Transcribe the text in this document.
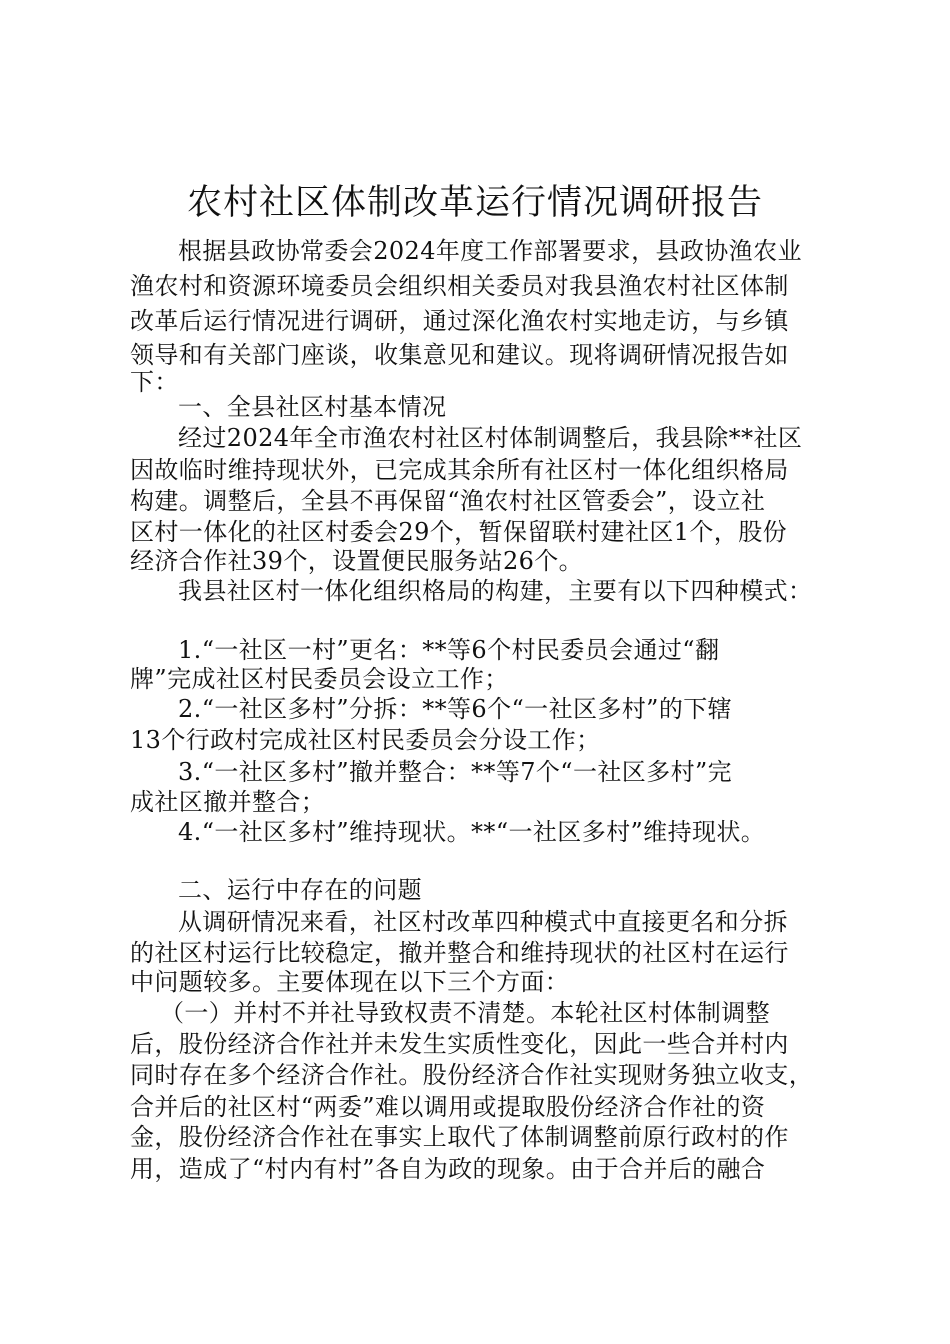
农村社区体制改革运行情况调研报告
根据县政协常委会2024年度工作部署要求，县政协渔农业
渔农村和资源环境委员会组织相关委员对我县渔农村社区体制
改革后运行情况进行调研，通过深化渔农村实地走访，与乡镇
领导和有关部门座谈，收集意见和建议。现将调研情况报告如
下：
一、全县社区村基本情况
经过2024年全市渔农村社区村体制调整后，我县除**社区
因故临时维持现状外，已完成其余所有社区村一体化组织格局
构建。调整后，全县不再保留“渔农村社区管委会”，设立社
区村一体化的社区村委会29个，暂保留联村建社区1个，股份
经济合作社39个，设置便民服务站26个。
我县社区村一体化组织格局的构建，主要有以下四种模式：
1.“一社区一村”更名：**等6个村民委员会通过“翻
牌”完成社区村民委员会设立工作；
2.“一社区多村”分拆：**等6个“一社区多村”的下辖
13个行政村完成社区村民委员会分设工作；
3.“一社区多村”撤并整合：**等7个“一社区多村”完
成社区撤并整合；
4.“一社区多村”维持现状。**“一社区多村”维持现状。
二、运行中存在的问题
从调研情况来看，社区村改革四种模式中直接更名和分拆
的社区村运行比较稳定，撤并整合和维持现状的社区村在运行
中问题较多。主要体现在以下三个方面：
（一）并村不并社导致权责不清楚。本轮社区村体制调整
后，股份经济合作社并未发生实质性变化，因此一些合并村内
同时存在多个经济合作社。股份经济合作社实现财务独立收支，
合并后的社区村“两委”难以调用或提取股份经济合作社的资
金，股份经济合作社在事实上取代了体制调整前原行政村的作
用，造成了“村内有村”各自为政的现象。由于合并后的融合
